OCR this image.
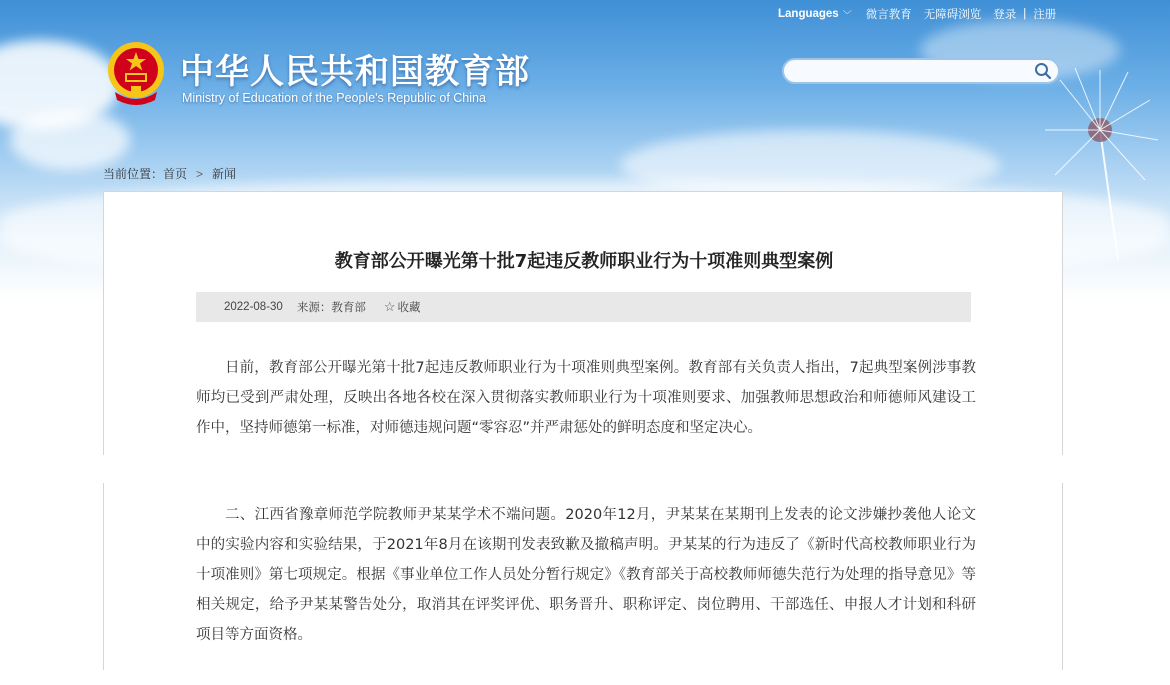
中华人民共和国教育部
Ministry of Education of the People's Republic of China
Languages ﹀ 微言教育 无障碍浏览 登录 | 注册
当前位置：首页 > 新闻
教育部公开曝光第十批7起违反教师职业行为十项准则典型案例
2022-08-30 来源：教育部 ☆ 收藏

日前，教育部公开曝光第十批7起违反教师职业行为十项准则典型案例。教育部有关负责人指出，7起典型案例涉事教师均已受到严肃处理，反映出各地各校在深入贯彻落实教师职业行为十项准则要求、加强教师思想政治和师德师风建设工作中，坚持师德第一标准，对师德违规问题“零容忍”并严肃惩处的鲜明态度和坚定决心。

二、江西省豫章师范学院教师尹某某学术不端问题。2020年12月，尹某某在某期刊上发表的论文涉嫌抄袭他人论文中的实验内容和实验结果，于2021年8月在该期刊发表致歉及撤稿声明。尹某某的行为违反了《新时代高校教师职业行为十项准则》第七项规定。根据《事业单位工作人员处分暂行规定》《教育部关于高校教师师德失范行为处理的指导意见》等相关规定，给予尹某某警告处分，取消其在评奖评优、职务晋升、职称评定、岗位聘用、干部选任、申报人才计划和科研项目等方面资格。
